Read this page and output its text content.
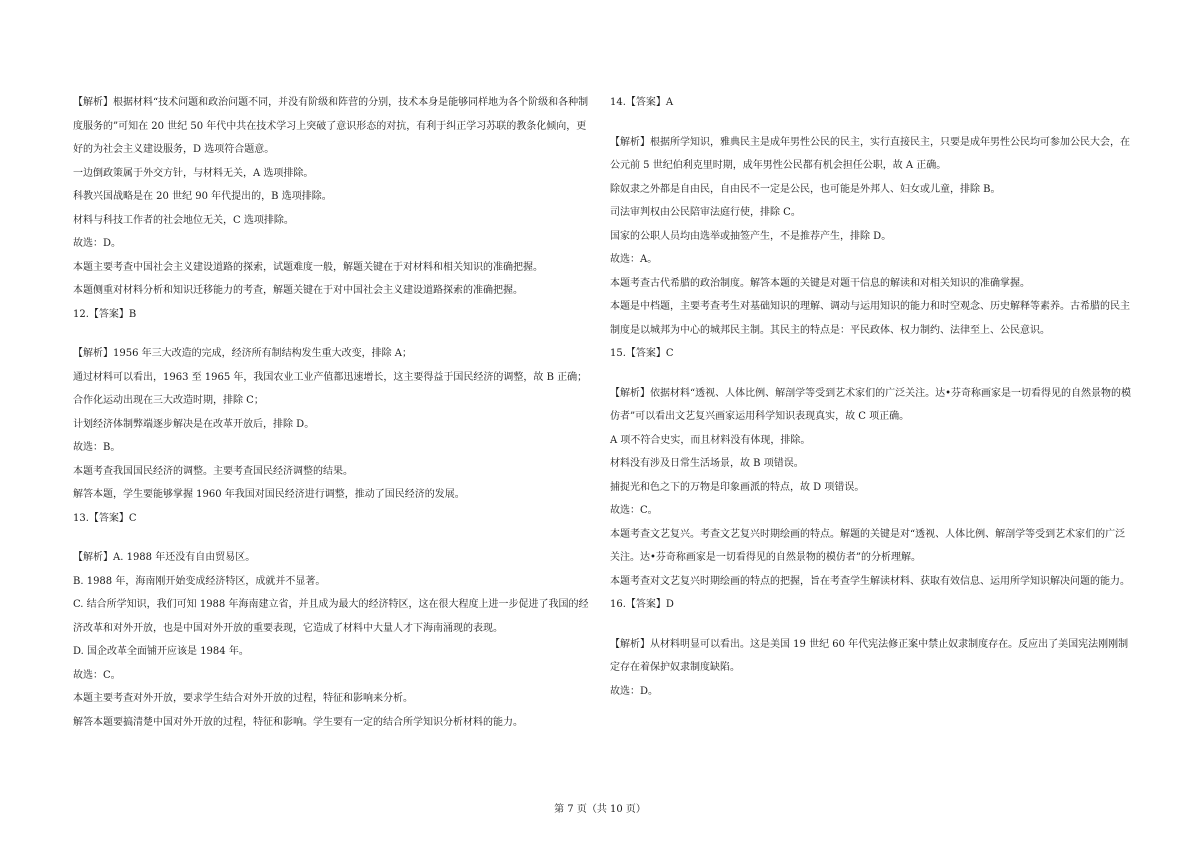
【解析】根据材料“技术问题和政治问题不同，并没有阶级和阵营的分别，技术本身是能够同样地为各个阶级和各种制度服务的”可知在 20 世纪 50 年代中共在技术学习上突破了意识形态的对抗，有利于纠正学习苏联的教条化倾向，更好的为社会主义建设服务，D 选项符合题意。
一边倒政策属于外交方针，与材料无关，A 选项排除。
科教兴国战略是在 20 世纪 90 年代提出的，B 选项排除。
材料与科技工作者的社会地位无关，C 选项排除。
故选：D。
本题主要考查中国社会主义建设道路的探索，试题难度一般，解题关键在于对材料和相关知识的准确把握。
本题侧重对材料分析和知识迁移能力的考查，解题关键在于对中国社会主义建设道路探索的准确把握。
12.【答案】B
【解析】1956 年三大改造的完成，经济所有制结构发生重大改变，排除 A；
通过材料可以看出，1963 至 1965 年，我国农业工业产值都迅速增长，这主要得益于国民经济的调整，故 B 正确；
合作化运动出现在三大改造时期，排除 C；
计划经济体制弊端逐步解决是在改革开放后，排除 D。
故选：B。
本题考查我国国民经济的调整。主要考查国民经济调整的结果。
解答本题，学生要能够掌握 1960 年我国对国民经济进行调整，推动了国民经济的发展。
13.【答案】C
【解析】A. 1988 年还没有自由贸易区。
B. 1988 年，海南刚开始变成经济特区，成就并不显著。
C. 结合所学知识，我们可知 1988 年海南建立省，并且成为最大的经济特区，这在很大程度上进一步促进了我国的经济改革和对外开放，也是中国对外开放的重要表现，它造成了材料中大量人才下海南涌现的表现。
D. 国企改革全面铺开应该是 1984 年。
故选：C。
本题主要考查对外开放，要求学生结合对外开放的过程，特征和影响来分析。
解答本题要搞清楚中国对外开放的过程，特征和影响。学生要有一定的结合所学知识分析材料的能力。
14.【答案】A
【解析】根据所学知识，雅典民主是成年男性公民的民主，实行直接民主，只要是成年男性公民均可参加公民大会，在公元前 5 世纪伯利克里时期，成年男性公民都有机会担任公职，故 A 正确。
除奴隶之外都是自由民，自由民不一定是公民，也可能是外邦人、妇女或儿童，排除 B。
司法审判权由公民陪审法庭行使，排除 C。
国家的公职人员均由选举或抽签产生，不是推荐产生，排除 D。
故选：A。
本题考查古代希腊的政治制度。解答本题的关键是对题干信息的解读和对相关知识的准确掌握。
本题是中档题，主要考查考生对基础知识的理解、调动与运用知识的能力和时空观念、历史解释等素养。古希腊的民主制度是以城邦为中心的城邦民主制。其民主的特点是：平民政体、权力制约、法律至上、公民意识。
15.【答案】C
【解析】依据材料“透视、人体比例、解剖学等受到艺术家们的广泛关注。达•芬奇称画家是一切看得见的自然景物的模仿者”可以看出文艺复兴画家运用科学知识表现真实，故 C 项正确。
A 项不符合史实，而且材料没有体现，排除。
材料没有涉及日常生活场景，故 B 项错误。
捕捉光和色之下的万物是印象画派的特点，故 D 项错误。
故选：C。
本题考查文艺复兴。考查文艺复兴时期绘画的特点。解题的关键是对“透视、人体比例、解剖学等受到艺术家们的广泛关注。达•芬奇称画家是一切看得见的自然景物的模仿者”的分析理解。
本题考查对文艺复兴时期绘画的特点的把握，旨在考查学生解读材料、获取有效信息、运用所学知识解决问题的能力。
16.【答案】D
【解析】从材料明显可以看出。这是美国 19 世纪 60 年代宪法修正案中禁止奴隶制度存在。反应出了美国宪法刚刚制定存在着保护奴隶制度缺陷。
故选：D。
第 7 页（共 10 页）
